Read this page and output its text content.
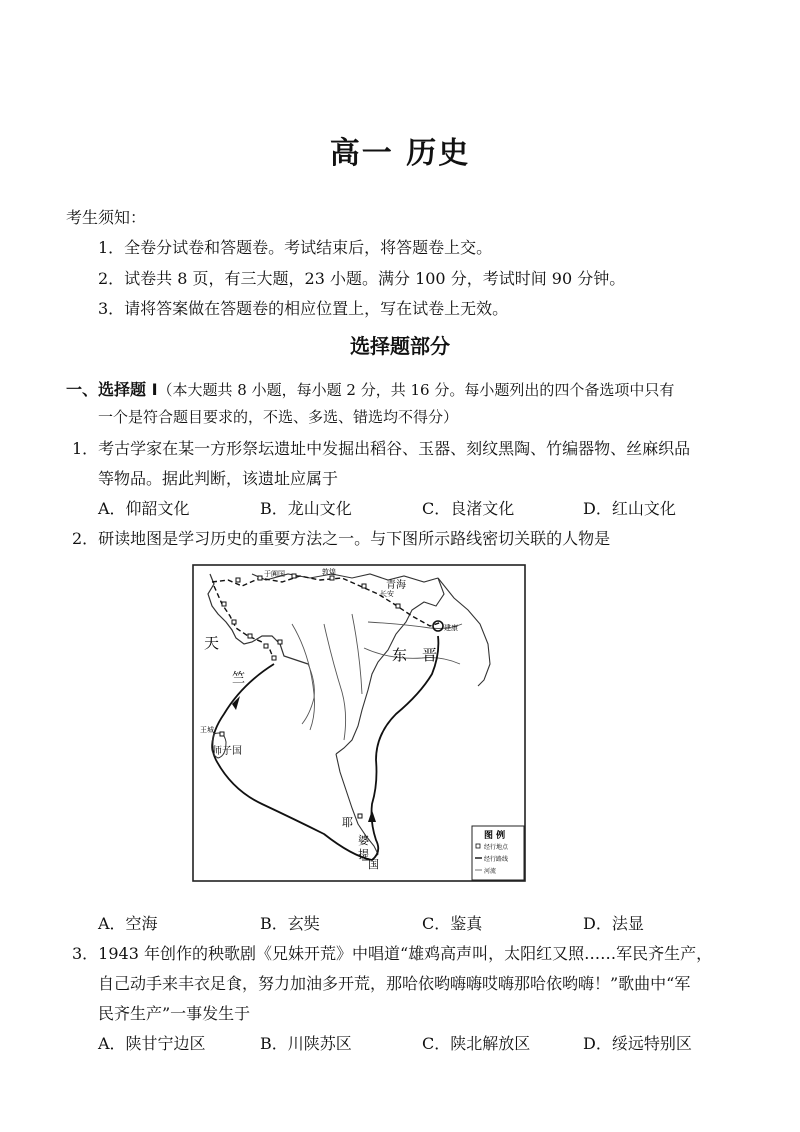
高一 历史
考生须知：
1．全卷分试卷和答题卷。考试结束后，将答题卷上交。
2．试卷共 8 页，有三大题，23 小题。满分 100 分，考试时间 90 分钟。
3．请将答案做在答题卷的相应位置上，写在试卷上无效。
选择题部分
一、选择题 I（本大题共 8 小题，每小题 2 分，共 16 分。每小题列出的四个备选项中只有
一个是符合题目要求的，不选、多选、错选均不得分）
1．考古学家在某一方形祭坛遗址中发掘出稻谷、玉器、刻纹黑陶、竹编器物、丝麻织品
等物品。据此判断，该遗址应属于
A．仰韶文化	B．龙山文化	C．良渚文化	D．红山文化
2．研读地图是学习历史的重要方法之一。与下图所示路线密切关联的人物是
天
竺
东 晋
师子国
王城
耶
婆
提
国
建康
长安
青海
于阗国	敦煌
图 例
经行地点
经行路线
河流
A．空海	B．玄奘	C．鉴真	D．法显
3．1943 年创作的秧歌剧《兄妹开荒》中唱道“雄鸡高声叫，太阳红又照……军民齐生产，
自己动手来丰衣足食，努力加油多开荒，那哈依哟嗨嗨哎嗨那哈依哟嗨！”歌曲中“军
民齐生产”一事发生于
A．陕甘宁边区	B．川陕苏区	C．陕北解放区	D．绥远特别区
